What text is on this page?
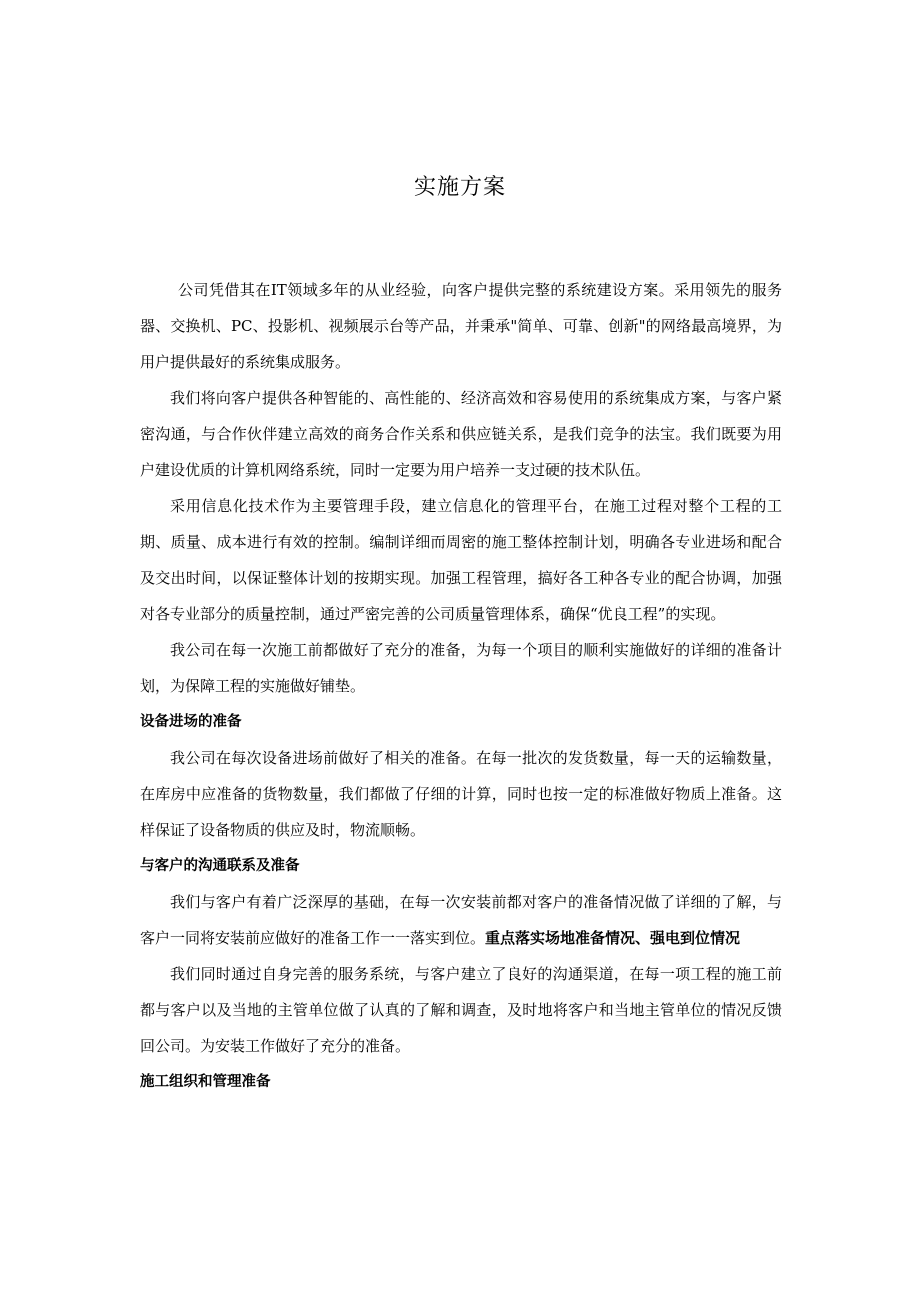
实施方案

公司凭借其在IT领域多年的从业经验，向客户提供完整的系统建设方案。采用领先的服务器、交换机、PC、投影机、视频展示台等产品，并秉承"简单、可靠、创新"的网络最高境界，为用户提供最好的系统集成服务。

我们将向客户提供各种智能的、高性能的、经济高效和容易使用的系统集成方案，与客户紧密沟通，与合作伙伴建立高效的商务合作关系和供应链关系，是我们竞争的法宝。我们既要为用户建设优质的计算机网络系统，同时一定要为用户培养一支过硬的技术队伍。

采用信息化技术作为主要管理手段，建立信息化的管理平台，在施工过程对整个工程的工期、质量、成本进行有效的控制。编制详细而周密的施工整体控制计划，明确各专业进场和配合及交出时间，以保证整体计划的按期实现。加强工程管理，搞好各工种各专业的配合协调，加强对各专业部分的质量控制，通过严密完善的公司质量管理体系，确保“优良工程”的实现。

我公司在每一次施工前都做好了充分的准备，为每一个项目的顺利实施做好的详细的准备计划，为保障工程的实施做好铺垫。

设备进场的准备

我公司在每次设备进场前做好了相关的准备。在每一批次的发货数量，每一天的运输数量，在库房中应准备的货物数量，我们都做了仔细的计算，同时也按一定的标准做好物质上准备。这样保证了设备物质的供应及时，物流顺畅。

与客户的沟通联系及准备

我们与客户有着广泛深厚的基础，在每一次安装前都对客户的准备情况做了详细的了解，与客户一同将安装前应做好的准备工作一一落实到位。重点落实场地准备情况、强电到位情况

我们同时通过自身完善的服务系统，与客户建立了良好的沟通渠道，在每一项工程的施工前都与客户以及当地的主管单位做了认真的了解和调查，及时地将客户和当地主管单位的情况反馈回公司。为安装工作做好了充分的准备。

施工组织和管理准备
